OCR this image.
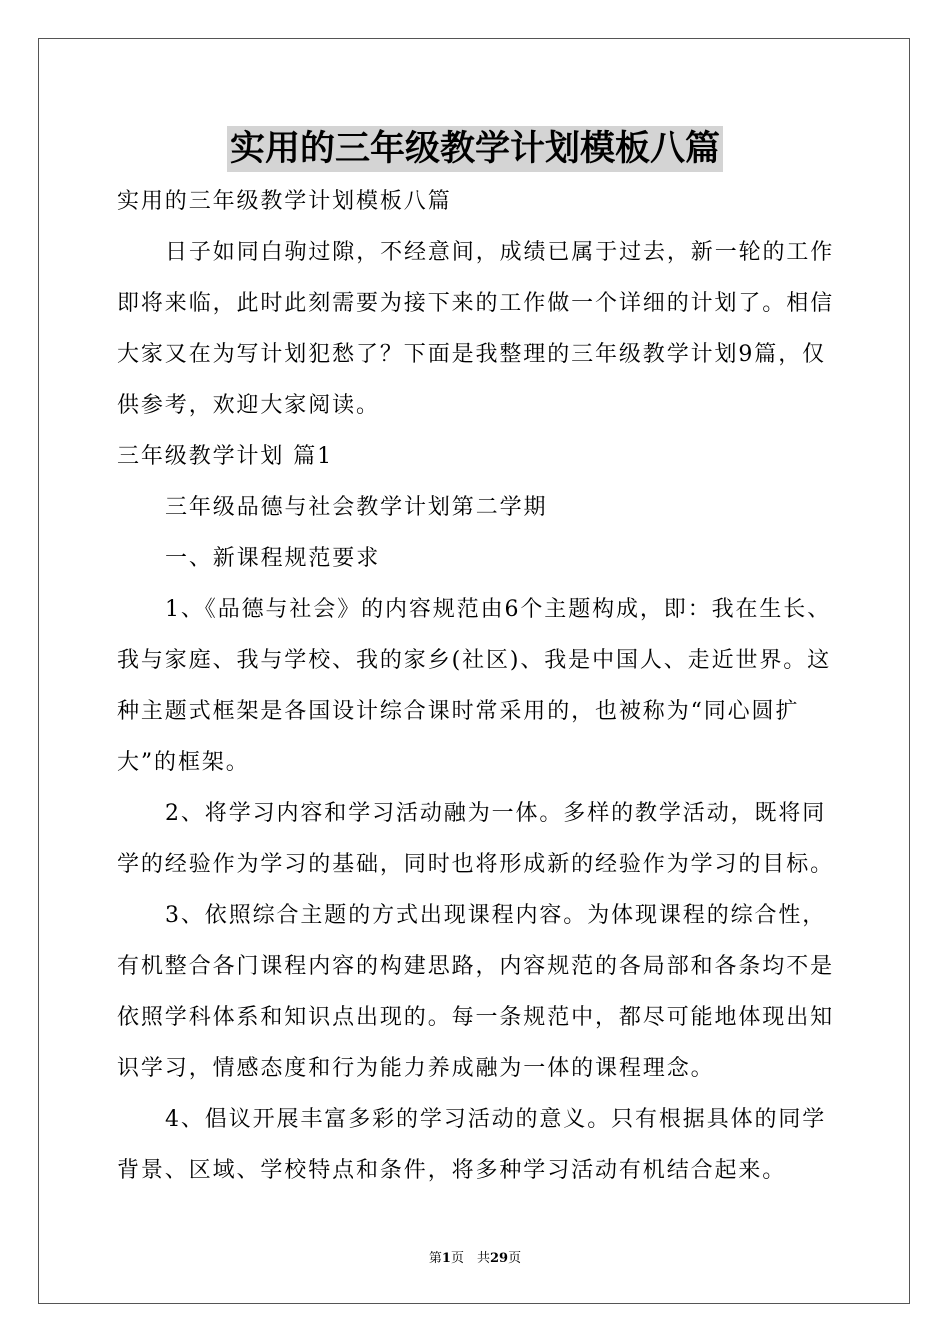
实用的三年级教学计划模板八篇

实用的三年级教学计划模板八篇

日子如同白驹过隙，不经意间，成绩已属于过去，新一轮的工作即将来临，此时此刻需要为接下来的工作做一个详细的计划了。相信大家又在为写计划犯愁了？下面是我整理的三年级教学计划9篇，仅供参考，欢迎大家阅读。

三年级教学计划 篇1

三年级品德与社会教学计划第二学期

一、新课程规范要求

1、《品德与社会》的内容规范由6个主题构成，即：我在生长、我与家庭、我与学校、我的家乡(社区)、我是中国人、走近世界。这种主题式框架是各国设计综合课时常采用的，也被称为“同心圆扩大”的框架。

2、将学习内容和学习活动融为一体。多样的教学活动，既将同学的经验作为学习的基础，同时也将形成新的经验作为学习的目标。

3、依照综合主题的方式出现课程内容。为体现课程的综合性，有机整合各门课程内容的构建思路，内容规范的各局部和各条均不是依照学科体系和知识点出现的。每一条规范中，都尽可能地体现出知识学习，情感态度和行为能力养成融为一体的课程理念。

4、倡议开展丰富多彩的学习活动的意义。只有根据具体的同学背景、区域、学校特点和条件，将多种学习活动有机结合起来。

第1页　共29页
